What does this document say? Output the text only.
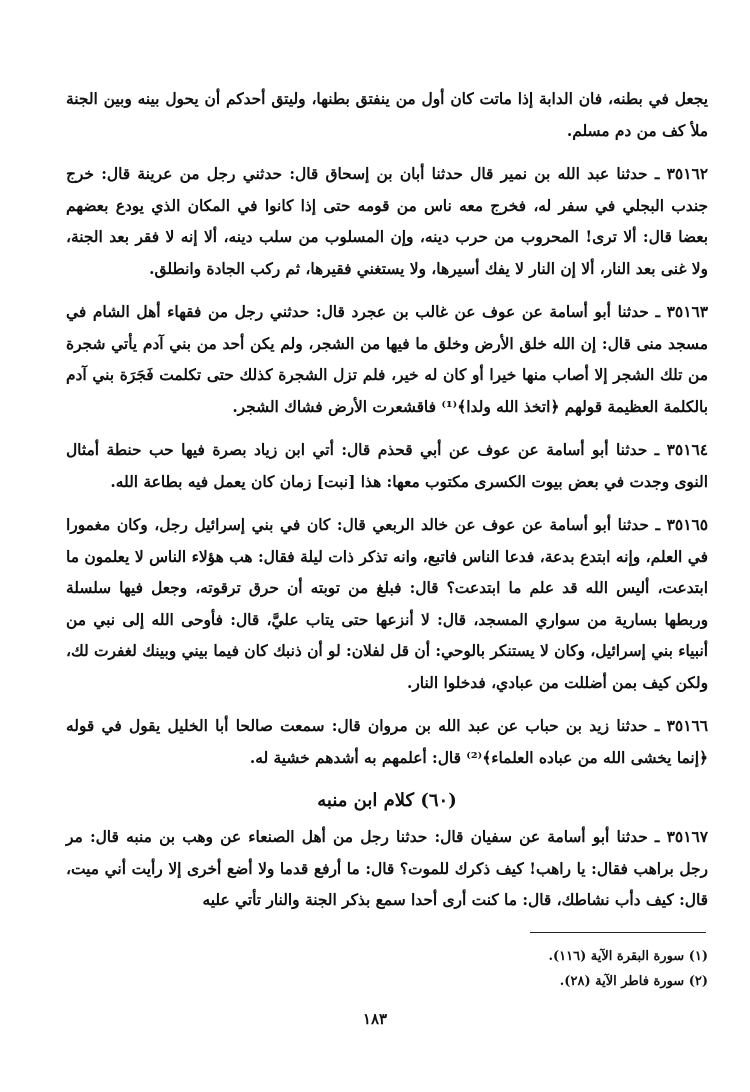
يجعل في بطنه، فان الدابة إذا ماتت كان أول من ينفتق بطنها، وليتق أحدكم أن يحول بينه وبين الجنة ملأ كف من دم مسلم.

٣٥١٦٢ ـ حدثنا عبد الله بن نمير قال حدثنا أبان بن إسحاق قال: حدثني رجل من عرينة قال: خرج جندب البجلي في سفر له، فخرج معه ناس من قومه حتى إذا كانوا في المكان الذي يودع بعضهم بعضا قال: ألا ترى! المحروب من حرب دينه، وإن المسلوب من سلب دينه، ألا إنه لا فقر بعد الجنة، ولا غنى بعد النار، ألا إن النار لا يفك أسيرها، ولا يستغني فقيرها، ثم ركب الجادة وانطلق.

٣٥١٦٣ ـ حدثنا أبو أسامة عن عوف عن غالب بن عجرد قال: حدثني رجل من فقهاء أهل الشام في مسجد منى قال: إن الله خلق الأرض وخلق ما فيها من الشجر، ولم يكن أحد من بني آدم يأتي شجرة من تلك الشجر إلا أصاب منها خيرا أو كان له خير، فلم تزل الشجرة كذلك حتى تكلمت فَجَرَة بني آدم بالكلمة العظيمة قولهم ﴿اتخذ الله ولدا﴾⁽¹⁾ فاقشعرت الأرض فشاك الشجر.

٣٥١٦٤ ـ حدثنا أبو أسامة عن عوف عن أبي قحذم قال: أتي ابن زياد بصرة فيها حب حنطة أمثال النوى وجدت في بعض بيوت الكسرى مكتوب معها: هذا [نبت] زمان كان يعمل فيه بطاعة الله.

٣٥١٦٥ ـ حدثنا أبو أسامة عن عوف عن خالد الربعي قال: كان في بني إسرائيل رجل، وكان مغمورا في العلم، وإنه ابتدع بدعة، فدعا الناس فاتبع، وانه تذكر ذات ليلة فقال: هب هؤلاء الناس لا يعلمون ما ابتدعت، أليس الله قد علم ما ابتدعت؟ قال: فبلغ من توبته أن حرق ترقوته، وجعل فيها سلسلة وربطها بسارية من سواري المسجد، قال: لا أنزعها حتى يتاب عليَّ، قال: فأوحى الله إلى نبي من أنبياء بني إسرائيل، وكان لا يستنكر بالوحي: أن قل لفلان: لو أن ذنبك كان فيما بيني وبينك لغفرت لك، ولكن كيف بمن أضللت من عبادي، فدخلوا النار.

٣٥١٦٦ ـ حدثنا زيد بن حباب عن عبد الله بن مروان قال: سمعت صالحا أبا الخليل يقول في قوله ﴿إنما يخشى الله من عباده العلماء﴾⁽²⁾ قال: أعلمهم به أشدهم خشية له.

(٦٠) كلام ابن منبه

٣٥١٦٧ ـ حدثنا أبو أسامة عن سفيان قال: حدثنا رجل من أهل الصنعاء عن وهب بن منبه قال: مر رجل براهب فقال: يا راهب! كيف ذكرك للموت؟ قال: ما أرفع قدما ولا أضع أخرى إلا رأيت أني ميت، قال: كيف دأب نشاطك، قال: ما كنت أرى أحدا سمع بذكر الجنة والنار تأتي عليه

(١) سورة البقرة الآية (١١٦).

(٢) سورة فاطر الآية (٢٨).

١٨٣
